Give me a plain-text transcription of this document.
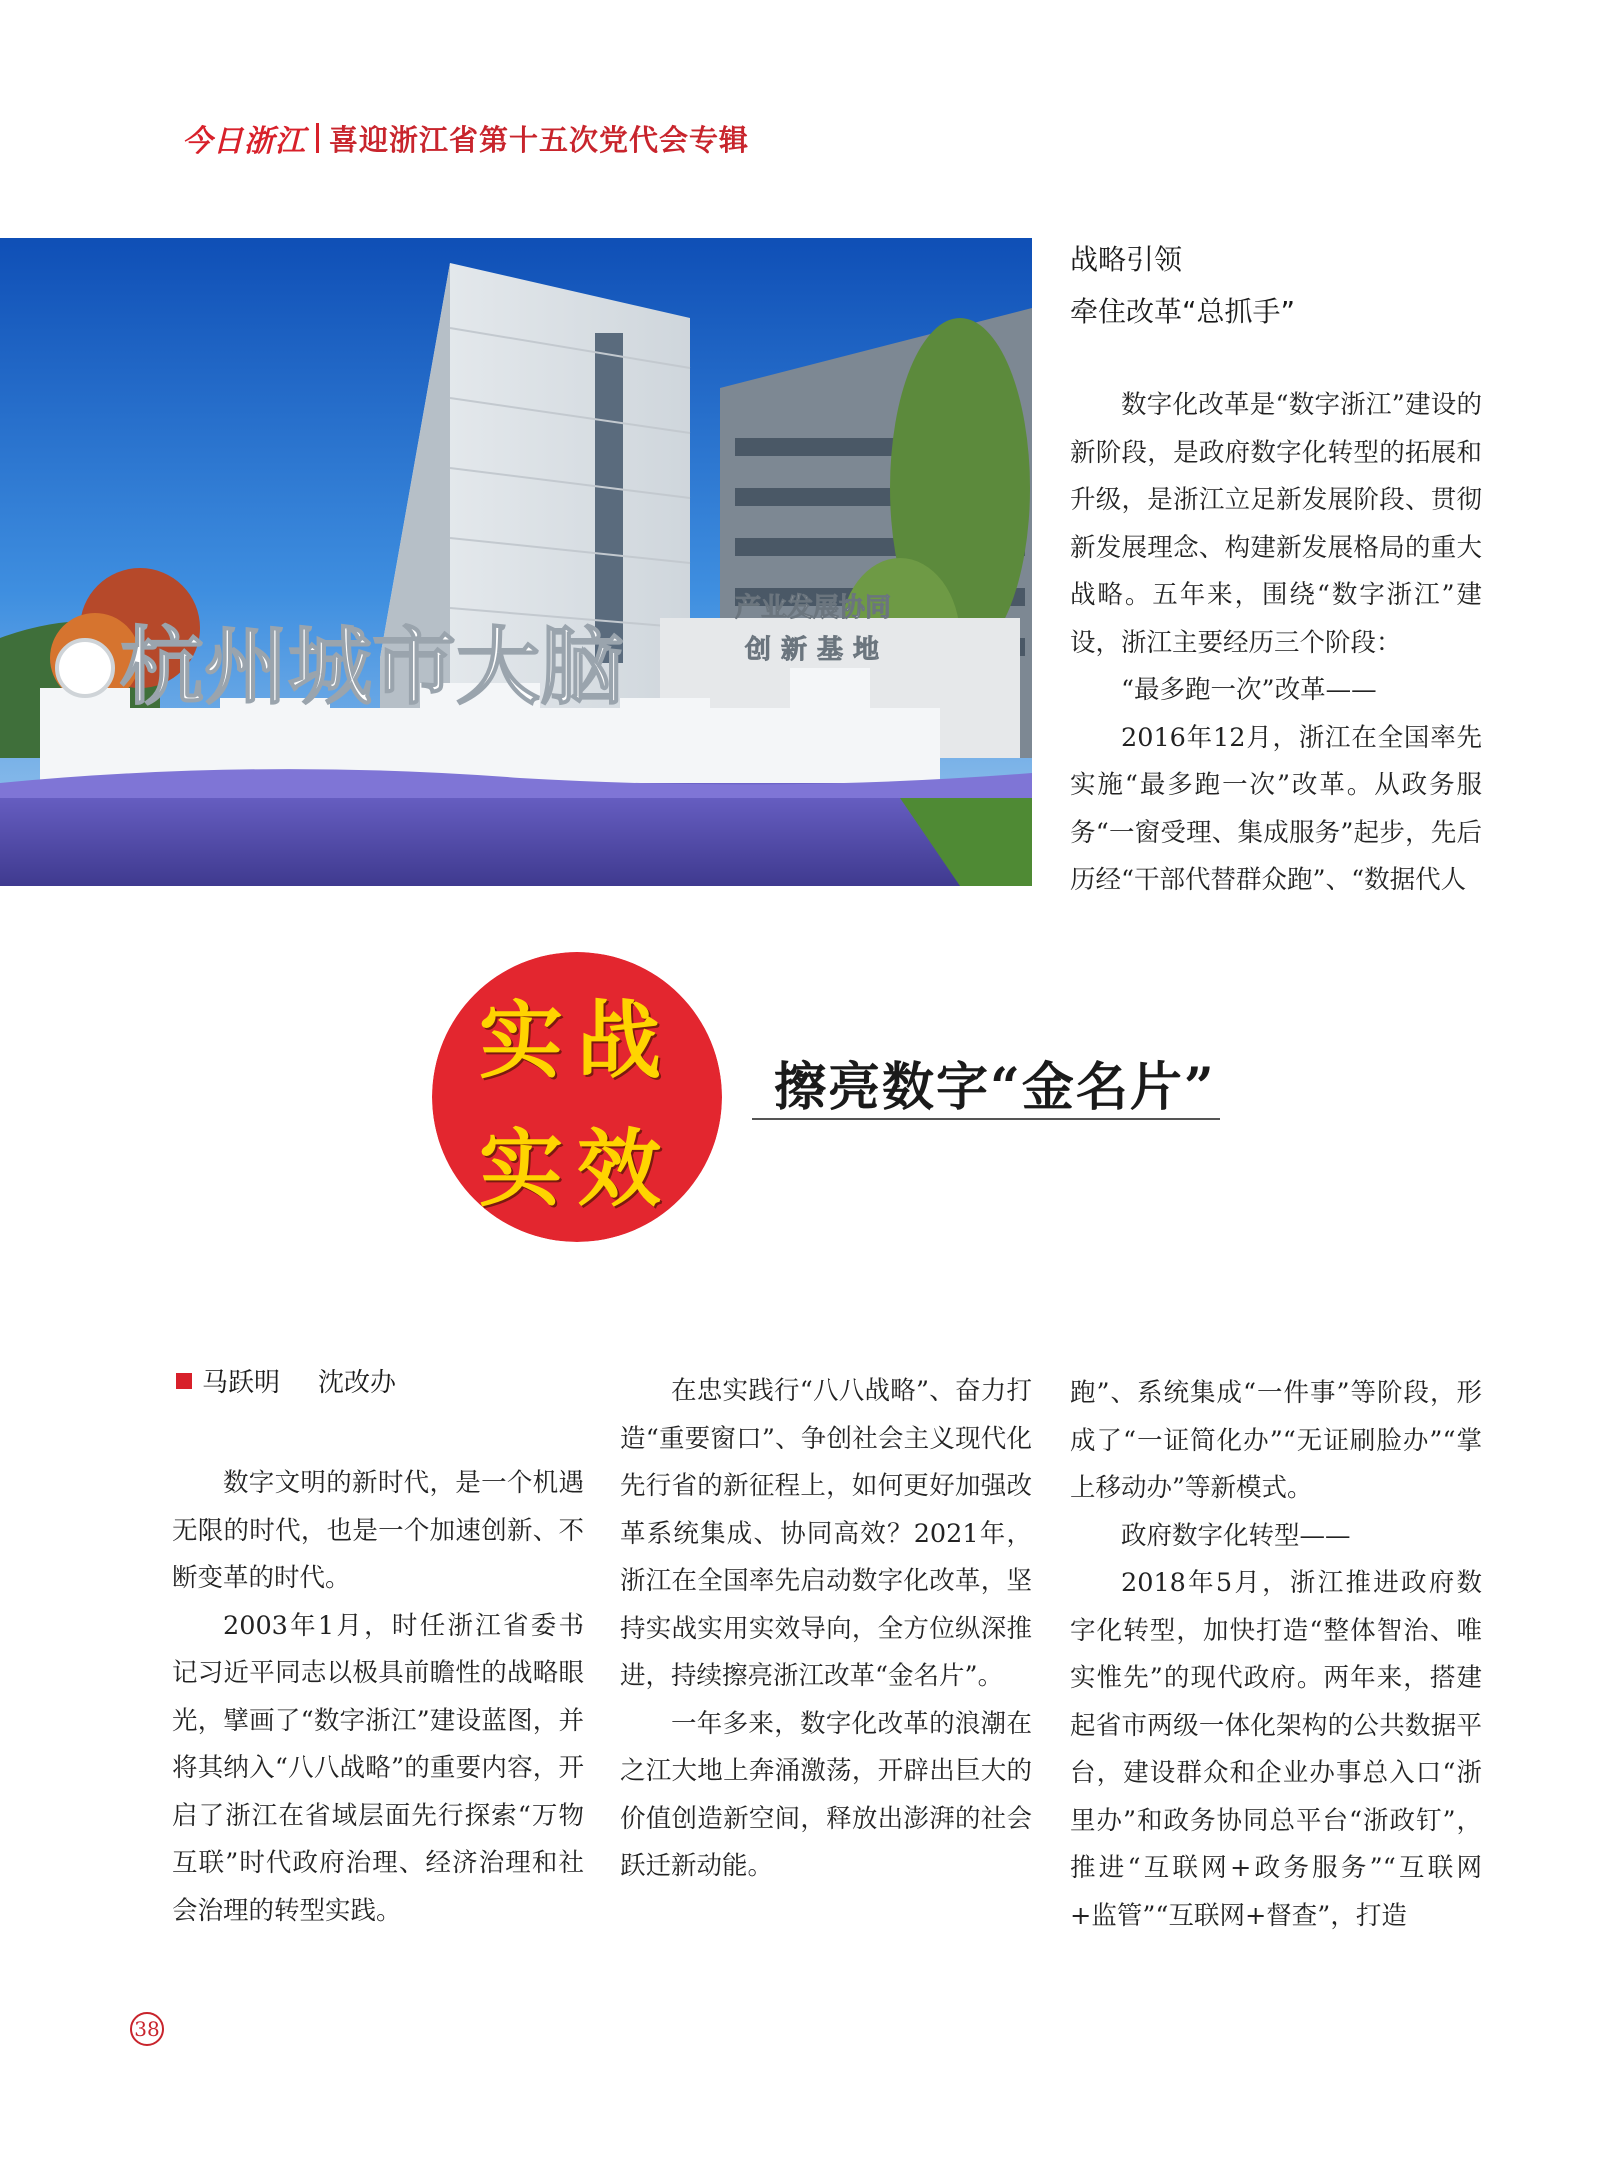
今日浙江 喜迎浙江省第十五次党代会专辑
杭州城市大脑
产业发展协同
创新基地
战略引领
牵住改革“总抓手”

数字化改革是“数字浙江”建设的新阶段，是政府数字化转型的拓展和升级，是浙江立足新发展阶段、贯彻新发展理念、构建新发展格局的重大战略。五年来，围绕“数字浙江”建设，浙江主要经历三个阶段：

“最多跑一次”改革——

2016年12月，浙江在全国率先实施“最多跑一次”改革。从政务服务“一窗受理、集成服务”起步，先后历经“干部代替群众跑”、“数据代人

实战
实效
擦亮数字“金名片”
马跃明 沈改办

数字文明的新时代，是一个机遇无限的时代，也是一个加速创新、不断变革的时代。

2003年1月，时任浙江省委书记习近平同志以极具前瞻性的战略眼光，擘画了“数字浙江”建设蓝图，并将其纳入“八八战略”的重要内容，开启了浙江在省域层面先行探索“万物互联”时代政府治理、经济治理和社会治理的转型实践。

在忠实践行“八八战略”、奋力打造“重要窗口”、争创社会主义现代化先行省的新征程上，如何更好加强改革系统集成、协同高效？2021年，浙江在全国率先启动数字化改革，坚持实战实用实效导向，全方位纵深推进，持续擦亮浙江改革“金名片”。

一年多来，数字化改革的浪潮在之江大地上奔涌激荡，开辟出巨大的价值创造新空间，释放出澎湃的社会跃迁新动能。

跑”、系统集成“一件事”等阶段，形成了“一证简化办”“无证刷脸办”“掌上移动办”等新模式。

政府数字化转型——

2018年5月，浙江推进政府数字化转型，加快打造“整体智治、唯实惟先”的现代政府。两年来，搭建起省市两级一体化架构的公共数据平台，建设群众和企业办事总入口“浙里办”和政务协同总平台“浙政钉”，推进“互联网+政务服务”“互联网+监管”“互联网+督查”，打造

38
